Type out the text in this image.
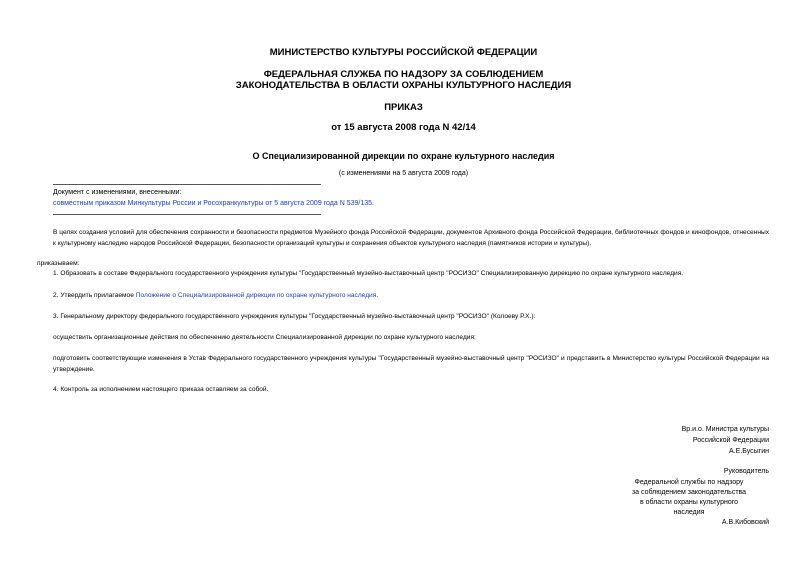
МИНИСТЕРСТВО КУЛЬТУРЫ РОССИЙСКОЙ ФЕДЕРАЦИИ
ФЕДЕРАЛЬНАЯ СЛУЖБА ПО НАДЗОРУ ЗА СОБЛЮДЕНИЕМ
ЗАКОНОДАТЕЛЬСТВА В ОБЛАСТИ ОХРАНЫ КУЛЬТУРНОГО НАСЛЕДИЯ
ПРИКАЗ
от 15 августа 2008 года N 42/14
О Специализированной дирекции по охране культурного наследия
(с изменениями на 5 августа 2009 года)
Документ с изменениями, внесенными:
совместным приказом Минкультуры России и Росохранкультуры от 5 августа 2009 года N 539/135.
В целях создания условий для обеспечения сохранности и безопасности предметов Музейного фонда Российской Федерации, документов Архивного фонда Российской Федерации, библиотечных фондов и кинофондов, отнесенных к культурному наследию народов Российской Федерации, безопасности организаций культуры и сохранения объектов культурного наследия (памятников истории и культуры),
приказываем:
1. Образовать в составе Федерального государственного учреждения культуры "Государственный музейно-выставочный центр "РОСИЗО" Специализированную дирекцию по охране культурного наследия.
2. Утвердить прилагаемое Положение о Специализированной дирекции по охране культурного наследия.
3. Генеральному директору федерального государственного учреждения культуры "Государственный музейно-выставочный центр "РОСИЗО" (Колоеву Р.Х.):
осуществить организационные действия по обеспечению деятельности Специализированной дирекции по охране культурного наследия;
подготовить соответствующие изменения в Устав Федерального государственного учреждения культуры "Государственный музейно-выставочный центр "РОСИЗО" и представить в Министерство культуры Российской Федерации на утверждение.
4. Контроль за исполнением настоящего приказа оставляем за собой.
Вр.и.о. Министра культуры
Российской Федерации
А.Е.Бусыгин
Руководитель
Федеральной службы по надзору
за соблюдением законодательства
в области охраны культурного
наследия
А.В.Кибовский
